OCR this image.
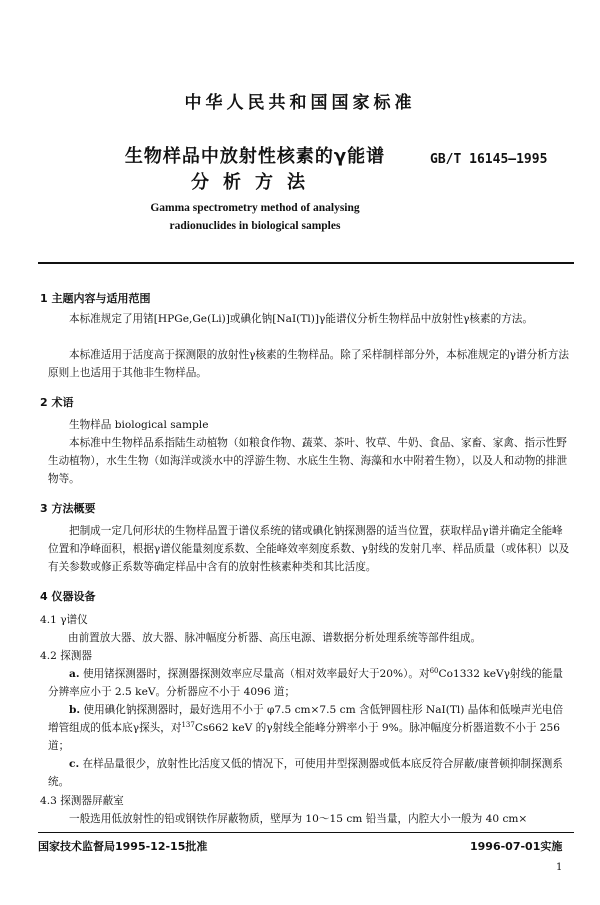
中华人民共和国国家标准
生物样品中放射性核素的γ能谱
分析方法
GB/T 16145—1995
Gamma spectrometry method of analysing
radionuclides in biological samples
1 主题内容与适用范围
本标准规定了用锗[HPGe,Ge(Li)]或碘化钠[NaI(Tl)]γ能谱仪分析生物样品中放射性γ核素的方法。
本标准适用于活度高于探测限的放射性γ核素的生物样品。除了采样制样部分外，本标准规定的γ谱分析方法原则上也适用于其他非生物样品。
2 术语
生物样品 biological sample
本标准中生物样品系指陆生动植物（如粮食作物、蔬菜、茶叶、牧草、牛奶、食品、家畜、家禽、指示性野生动植物），水生生物（如海洋或淡水中的浮游生物、水底生生物、海藻和水中附着生物），以及人和动物的排泄物等。
3 方法概要
把制成一定几何形状的生物样品置于谱仪系统的锗或碘化钠探测器的适当位置，获取样品γ谱并确定全能峰位置和净峰面积，根据γ谱仪能量刻度系数、全能峰效率刻度系数、γ射线的发射几率、样品质量（或体积）以及有关参数或修正系数等确定样品中含有的放射性核素种类和其比活度。
4 仪器设备
4.1 γ谱仪
由前置放大器、放大器、脉冲幅度分析器、高压电源、谱数据分析处理系统等部件组成。
4.2 探测器
a. 使用锗探测器时，探测器探测效率应尽量高（相对效率最好大于20%）。对$^{60}$Co1332 keVγ射线的能量分辨率应小于 2.5 keV。分析器应不小于 4096 道；
b. 使用碘化钠探测器时，最好选用不小于 φ7.5 cm×7.5 cm 含低钾圆柱形 NaI(Tl) 晶体和低噪声光电倍增管组成的低本底γ探头，对$^{137}$Cs662 keV 的γ射线全能峰分辨率小于 9%。脉冲幅度分析器道数不小于 256 道；
c. 在样品量很少，放射性比活度又低的情况下，可使用井型探测器或低本底反符合屏蔽/康普顿抑制探测系统。
4.3 探测器屏蔽室
一般选用低放射性的铅或钢铁作屏蔽物质，壁厚为 10～15 cm 铅当量，内腔大小一般为 40 cm×
国家技术监督局1995-12-15批准	1996-07-01实施
1
